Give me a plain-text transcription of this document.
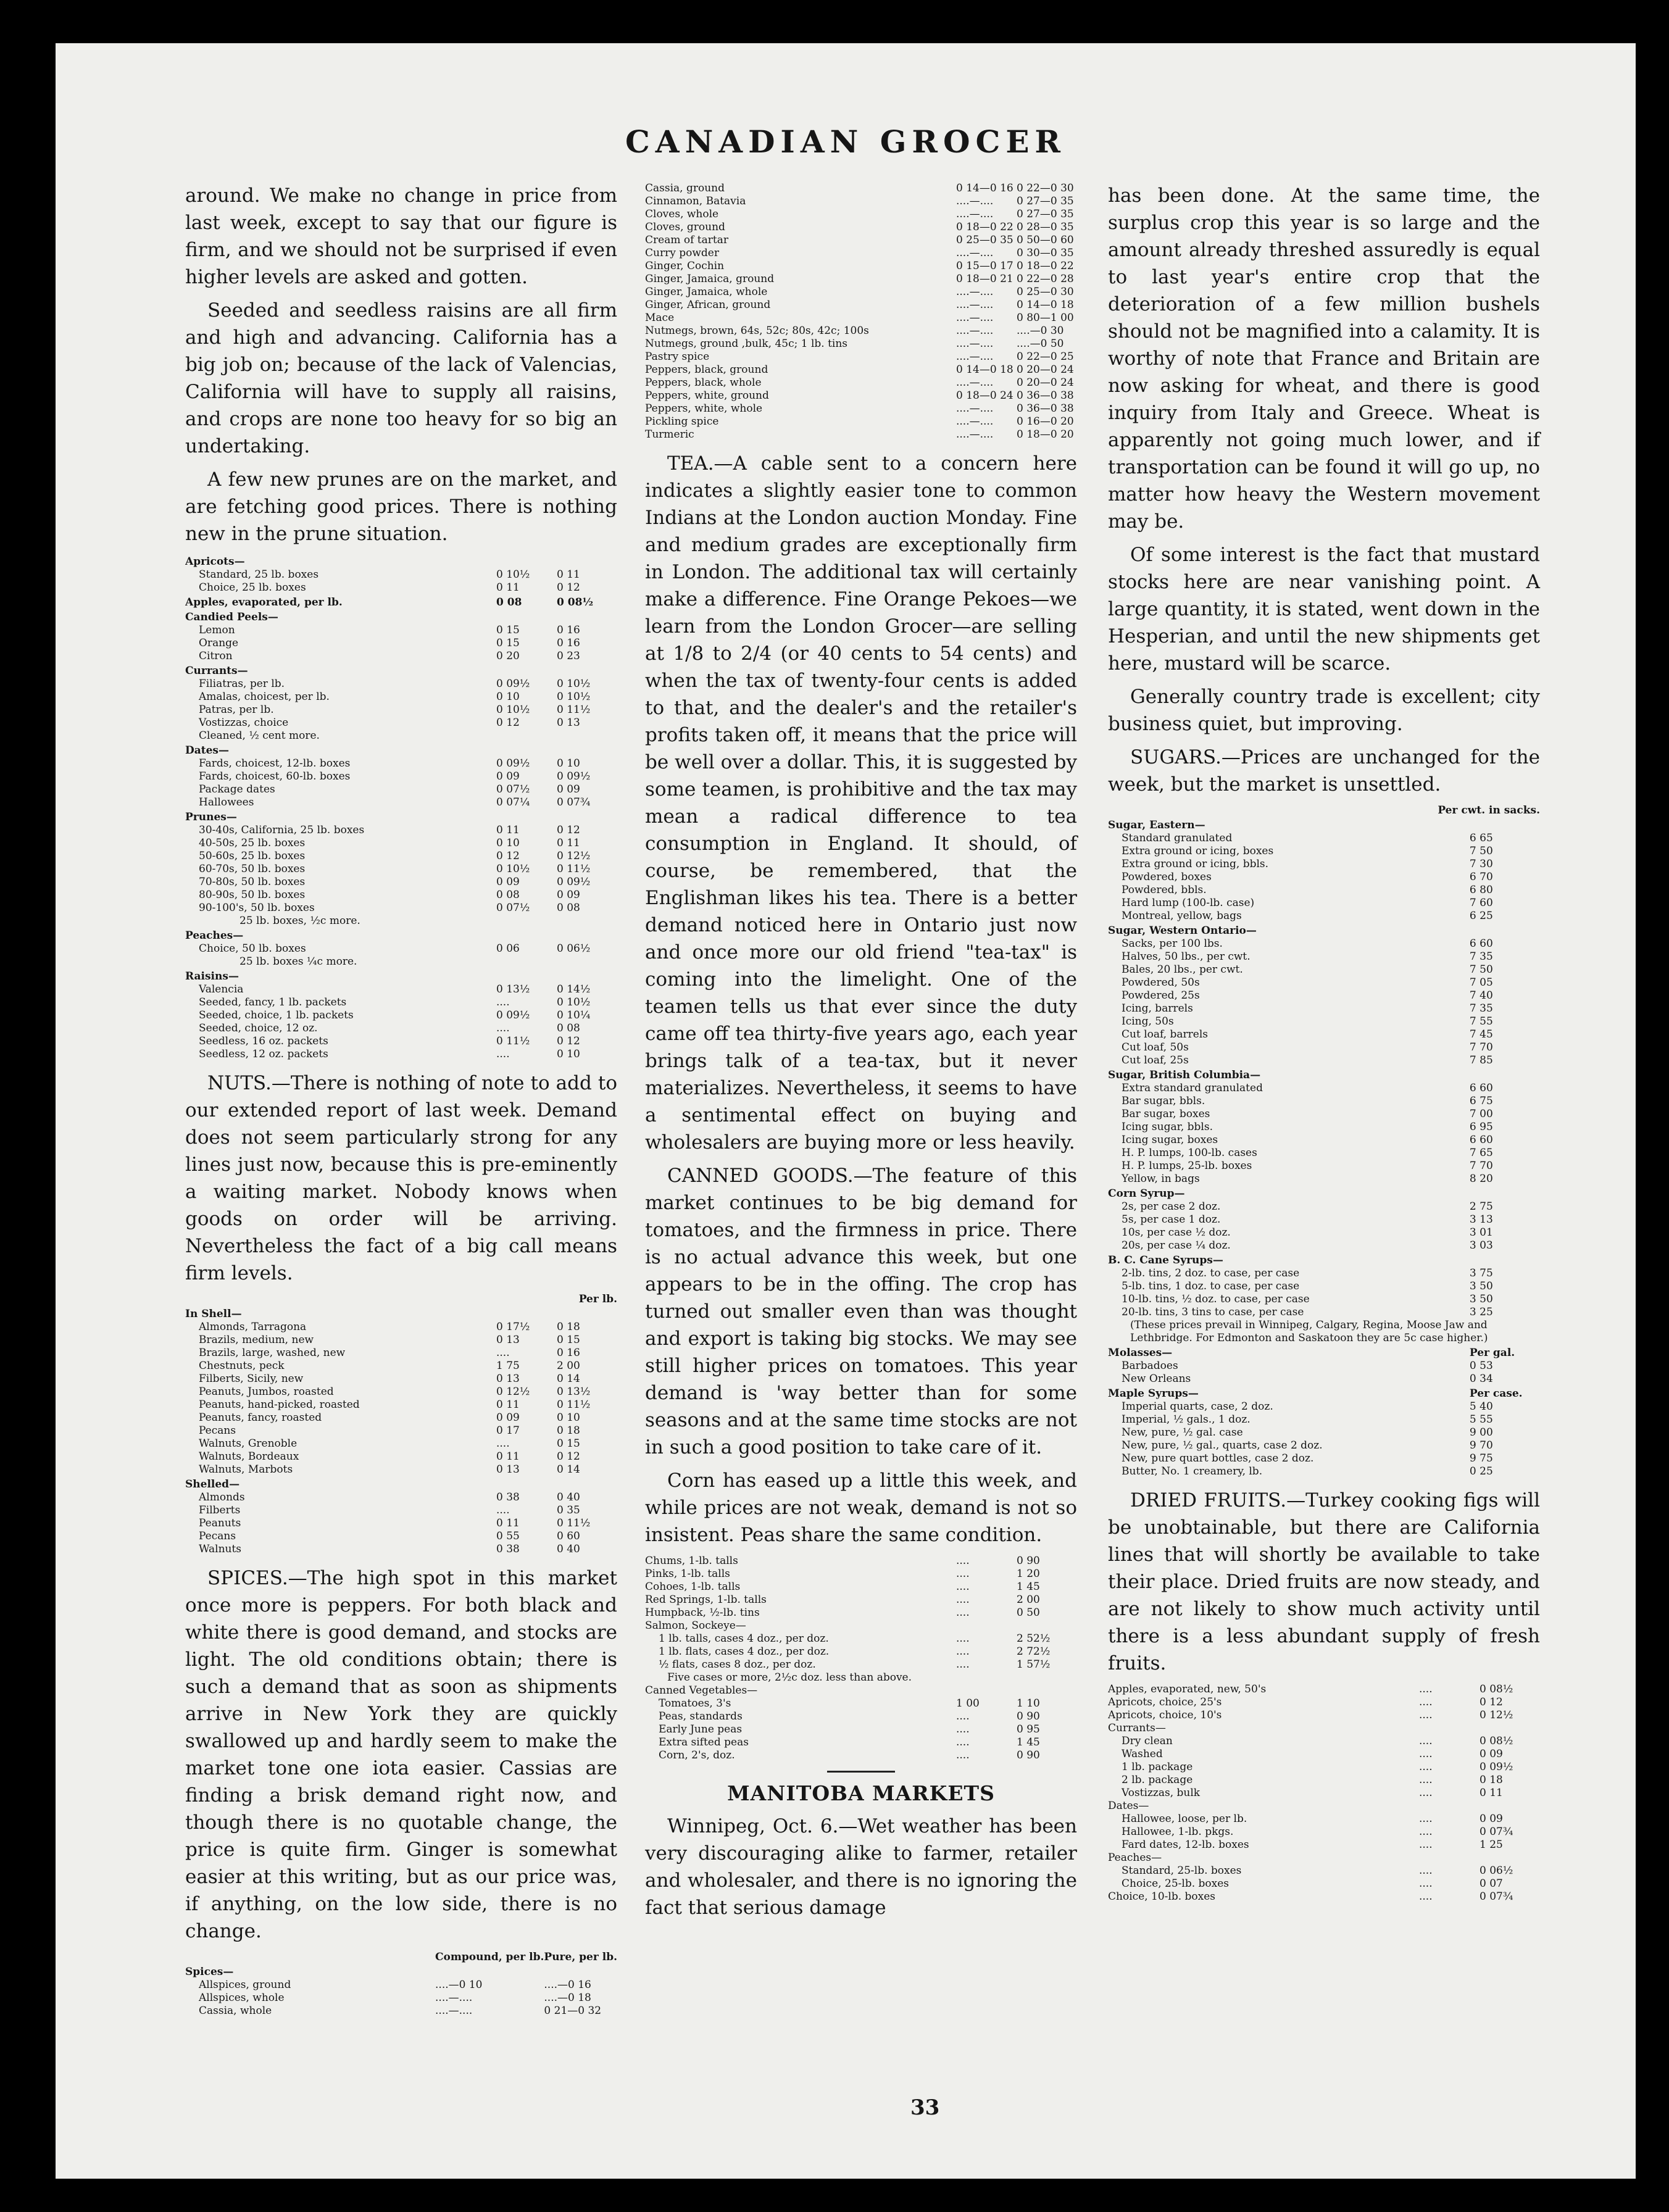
CANADIAN GROCER

around. We make no change in price from last week, except to say that our figure is firm, and we should not be surprised if even higher levels are asked and gotten.

Seeded and seedless raisins are all firm and high and advancing. California has a big job on; because of the lack of Valencias, California will have to supply all raisins, and crops are none too heavy for so big an undertaking.

A few new prunes are on the market, and are fetching good prices. There is nothing new in the prune situation.

Apricots—		
Standard, 25 lb. boxes	0 10½	0 11
Choice, 25 lb. boxes	0 11	0 12
Apples, evaporated, per lb.	0 08	0 08½
Candied Peels—		
Lemon	0 15	0 16
Orange	0 15	0 16
Citron	0 20	0 23
Currants—		
Filiatras, per lb.	0 09½	0 10½
Amalas, choicest, per lb.	0 10	0 10½
Patras, per lb.	0 10½	0 11½
Vostizzas, choice	0 12	0 13
Cleaned, ½ cent more.		
Dates—		
Fards, choicest, 12-lb. boxes	0 09½	0 10
Fards, choicest, 60-lb. boxes	0 09	0 09½
Package dates	0 07½	0 09
Hallowees	0 07¼	0 07¾
Prunes—		
30-40s, California, 25 lb. boxes	0 11	0 12
40-50s, 25 lb. boxes	0 10	0 11
50-60s, 25 lb. boxes	0 12	0 12½
60-70s, 50 lb. boxes	0 10½	0 11½
70-80s, 50 lb. boxes	0 09	0 09½
80-90s, 50 lb. boxes	0 08	0 09
90-100's, 50 lb. boxes	0 07½	0 08
25 lb. boxes, ½c more.		
Peaches—		
Choice, 50 lb. boxes	0 06	0 06½
25 lb. boxes ¼c more.		
Raisins—		
Valencia	0 13½	0 14½
Seeded, fancy, 1 lb. packets	....	0 10½
Seeded, choice, 1 lb. packets	0 09½	0 10¼
Seeded, choice, 12 oz.	....	0 08
Seedless, 16 oz. packets	0 11½	0 12
Seedless, 12 oz. packets	....	0 10

NUTS.—There is nothing of note to add to our extended report of last week. Demand does not seem particularly strong for any lines just now, because this is pre-eminently a waiting market. Nobody knows when goods on order will be arriving. Nevertheless the fact of a big call means firm levels.

	Per lb.	
In Shell—		
Almonds, Tarragona	0 17½	0 18
Brazils, medium, new	0 13	0 15
Brazils, large, washed, new	....	0 16
Chestnuts, peck	1 75	2 00
Filberts, Sicily, new	0 13	0 14
Peanuts, Jumbos, roasted	0 12½	0 13½
Peanuts, hand-picked, roasted	0 11	0 11½
Peanuts, fancy, roasted	0 09	0 10
Pecans	0 17	0 18
Walnuts, Grenoble	....	0 15
Walnuts, Bordeaux	0 11	0 12
Walnuts, Marbots	0 13	0 14
Shelled—		
Almonds	0 38	0 40
Filberts	....	0 35
Peanuts	0 11	0 11½
Pecans	0 55	0 60
Walnuts	0 38	0 40

SPICES.—The high spot in this market once more is peppers. For both black and white there is good demand, and stocks are light. The old conditions obtain; there is such a demand that as soon as shipments arrive in New York they are quickly swallowed up and hardly seem to make the market tone one iota easier. Cassias are finding a brisk demand right now, and though there is no quotable change, the price is quite firm. Ginger is somewhat easier at this writing, but as our price was, if anything, on the low side, there is no change.

	Compound, per lb.	Pure, per lb.
Spices—		
Allspices, ground	....—0 10	....—0 16
Allspices, whole	....—....	....—0 18
Cassia, whole	....—....	0 21—0 32
Cassia, ground	0 14—0 16	0 22—0 30
Cinnamon, Batavia	....—....	0 27—0 35
Cloves, whole	....—....	0 27—0 35
Cloves, ground	0 18—0 22	0 28—0 35
Cream of tartar	0 25—0 35	0 50—0 60
Curry powder	....—....	0 30—0 35
Ginger, Cochin	0 15—0 17	0 18—0 22
Ginger, Jamaica, ground	0 18—0 21	0 22—0 28
Ginger, Jamaica, whole	....—....	0 25—0 30
Ginger, African, ground	....—....	0 14—0 18
Mace	....—....	0 80—1 00
Nutmegs, brown, 64s, 52c; 80s, 42c; 100s	....—....	....—0 30
Nutmegs, ground ,bulk, 45c; 1 lb. tins	....—....	....—0 50
Pastry spice	....—....	0 22—0 25
Peppers, black, ground	0 14—0 18	0 20—0 24
Peppers, black, whole	....—....	0 20—0 24
Peppers, white, ground	0 18—0 24	0 36—0 38
Peppers, white, whole	....—....	0 36—0 38
Pickling spice	....—....	0 16—0 20
Turmeric	....—....	0 18—0 20

TEA.—A cable sent to a concern here indicates a slightly easier tone to common Indians at the London auction Monday. Fine and medium grades are exceptionally firm in London. The additional tax will certainly make a difference. Fine Orange Pekoes—we learn from the London Grocer—are selling at 1/8 to 2/4 (or 40 cents to 54 cents) and when the tax of twenty-four cents is added to that, and the dealer's and the retailer's profits taken off, it means that the price will be well over a dollar. This, it is suggested by some teamen, is prohibitive and the tax may mean a radical difference to tea consumption in England. It should, of course, be remembered, that the Englishman likes his tea. There is a better demand noticed here in Ontario just now and once more our old friend "tea-tax" is coming into the limelight. One of the teamen tells us that ever since the duty came off tea thirty-five years ago, each year brings talk of a tea-tax, but it never materializes. Nevertheless, it seems to have a sentimental effect on buying and wholesalers are buying more or less heavily.

CANNED GOODS.—The feature of this market continues to be big demand for tomatoes, and the firmness in price. There is no actual advance this week, but one appears to be in the offing. The crop has turned out smaller even than was thought and export is taking big stocks. We may see still higher prices on tomatoes. This year demand is 'way better than for some seasons and at the same time stocks are not in such a good position to take care of it.

Corn has eased up a little this week, and while prices are not weak, demand is not so insistent. Peas share the same condition.

Chums, 1-lb. talls	....	0 90
Pinks, 1-lb. talls	....	1 20
Cohoes, 1-lb. talls	....	1 45
Red Springs, 1-lb. talls	....	2 00
Humpback, ½-lb. tins	....	0 50
Salmon, Sockeye—		
1 lb. talls, cases 4 doz., per doz.	....	2 52½
1 lb. flats, cases 4 doz., per doz.	....	2 72½
½ flats, cases 8 doz., per doz.	....	1 57½
Five cases or more, 2½c doz. less than above.		
Canned Vegetables—		
Tomatoes, 3's	1 00	1 10
Peas, standards	....	0 90
Early June peas	....	0 95
Extra sifted peas	....	1 45
Corn, 2's, doz.	....	0 90
MANITOBA MARKETS

Winnipeg, Oct. 6.—Wet weather has been very discouraging alike to farmer, retailer and wholesaler, and there is no ignoring the fact that serious damage

has been done. At the same time, the surplus crop this year is so large and the amount already threshed assuredly is equal to last year's entire crop that the deterioration of a few million bushels should not be magnified into a calamity. It is worthy of note that France and Britain are now asking for wheat, and there is good inquiry from Italy and Greece. Wheat is apparently not going much lower, and if transportation can be found it will go up, no matter how heavy the Western movement may be.

Of some interest is the fact that mustard stocks here are near vanishing point. A large quantity, it is stated, went down in the Hesperian, and until the new shipments get here, mustard will be scarce.

Generally country trade is excellent; city business quiet, but improving.

SUGARS.—Prices are unchanged for the week, but the market is unsettled.

	Per cwt. in sacks.	
Sugar, Eastern—		
Standard granulated		6 65
Extra ground or icing, boxes		7 50
Extra ground or icing, bbls.		7 30
Powdered, boxes		6 70
Powdered, bbls.		6 80
Hard lump (100-lb. case)		7 60
Montreal, yellow, bags		6 25
Sugar, Western Ontario—		
Sacks, per 100 lbs.		6 60
Halves, 50 lbs., per cwt.		7 35
Bales, 20 lbs., per cwt.		7 50
Powdered, 50s		7 05
Powdered, 25s		7 40
Icing, barrels		7 35
Icing, 50s		7 55
Cut loaf, barrels		7 45
Cut loaf, 50s		7 70
Cut loaf, 25s		7 85
Sugar, British Columbia—		
Extra standard granulated		6 60
Bar sugar, bbls.		6 75
Bar sugar, boxes		7 00
Icing sugar, bbls.		6 95
Icing sugar, boxes		6 60
H. P. lumps, 100-lb. cases		7 65
H. P. lumps, 25-lb. boxes		7 70
Yellow, in bags		8 20
Corn Syrup—		
2s, per case 2 doz.		2 75
5s, per case 1 doz.		3 13
10s, per case ½ doz.		3 01
20s, per case ¼ doz.		3 03
B. C. Cane Syrups—		
2-lb. tins, 2 doz. to case, per case		3 75
5-lb. tins, 1 doz. to case, per case		3 50
10-lb. tins, ½ doz. to case, per case		3 50
20-lb. tins, 3 tins to case, per case		3 25
(These prices prevail in Winnipeg, Calgary, Regina, Moose Jaw and Lethbridge. For Edmonton and Saskatoon they are 5c case higher.)		
Molasses—		Per gal.
Barbadoes		0 53
New Orleans		0 34
Maple Syrups—		Per case.
Imperial quarts, case, 2 doz.		5 40
Imperial, ½ gals., 1 doz.		5 55
New, pure, ½ gal. case		9 00
New, pure, ½ gal., quarts, case 2 doz.		9 70
New, pure quart bottles, case 2 doz.		9 75
Butter, No. 1 creamery, lb.		0 25

DRIED FRUITS.—Turkey cooking figs will be unobtainable, but there are California lines that will shortly be available to take their place. Dried fruits are now steady, and are not likely to show much activity until there is a less abundant supply of fresh fruits.

Apples, evaporated, new, 50's	....	0 08½
Apricots, choice, 25's	....	0 12
Apricots, choice, 10's	....	0 12½
Currants—		
Dry clean	....	0 08½
Washed	....	0 09
1 lb. package	....	0 09½
2 lb. package	....	0 18
Vostizzas, bulk	....	0 11
Dates—		
Hallowee, loose, per lb.	....	0 09
Hallowee, 1-lb. pkgs.	....	0 07¾
Fard dates, 12-lb. boxes	....	1 25
Peaches—		
Standard, 25-lb. boxes	....	0 06½
Choice, 25-lb. boxes	....	0 07
Choice, 10-lb. boxes	....	0 07¾
33
